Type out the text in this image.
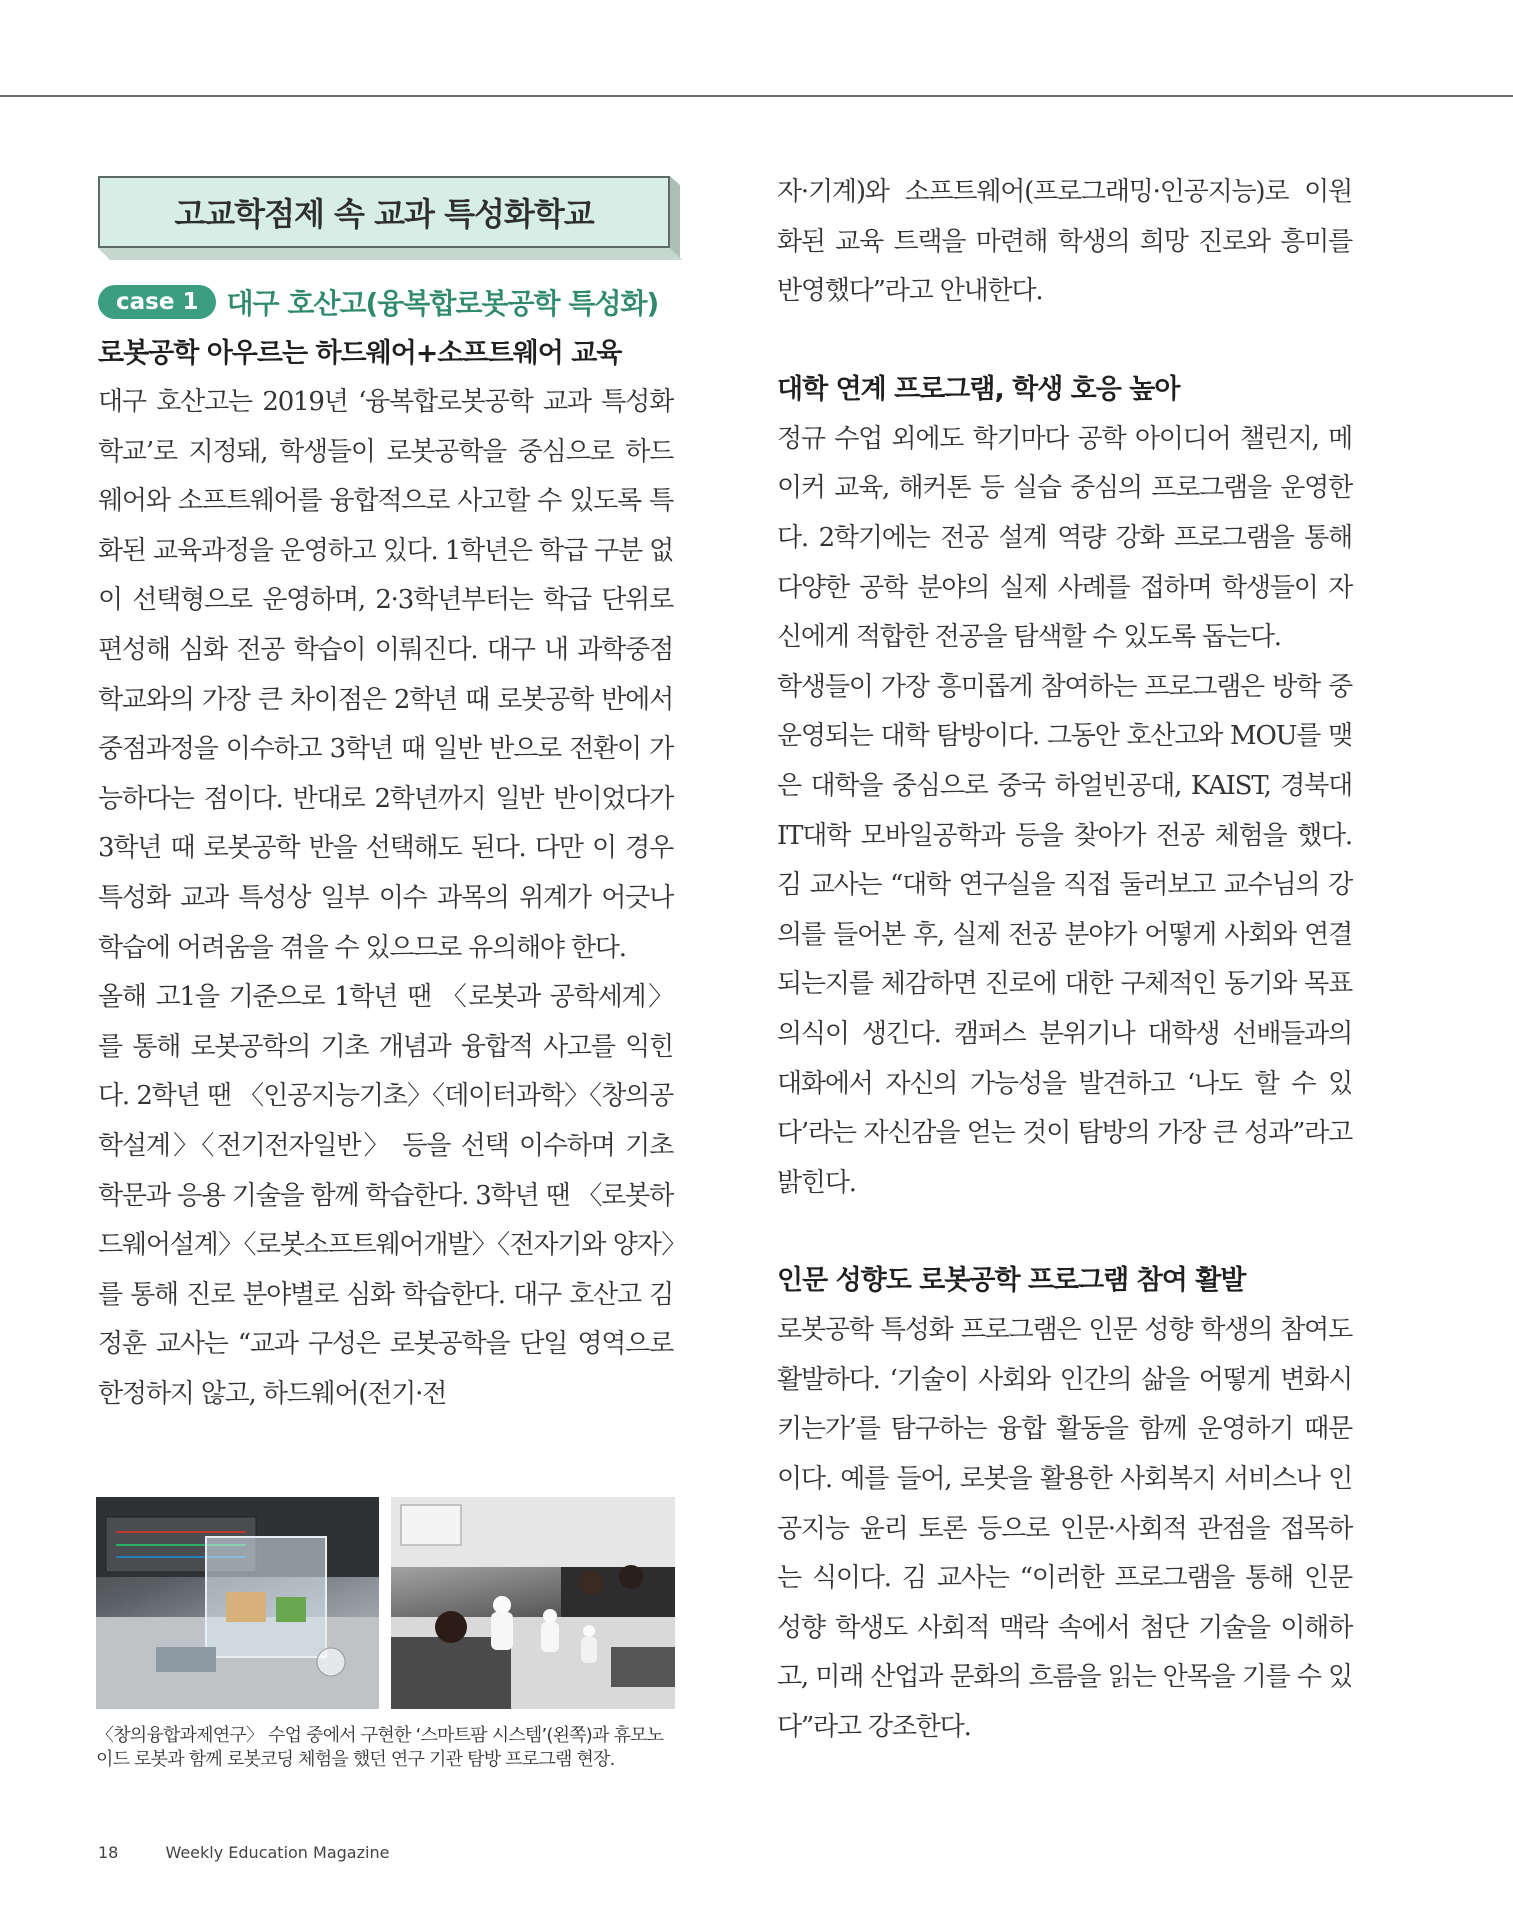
고교학점제 속 교과 특성화학교
case 1	대구 호산고(융복합로봇공학 특성화)
로봇공학 아우르는 하드웨어+소프트웨어 교육

대구 호산고는 2019년 ‘융복합로봇공학 교과 특성화 학교’로 지정돼, 학생들이 로봇공학을 중심으로 하드웨어와 소프트웨어를 융합적으로 사고할 수 있도록 특화된 교육과정을 운영하고 있다. 1학년은 학급 구분 없이 선택형으로 운영하며, 2·3학년부터는 학급 단위로 편성해 심화 전공 학습이 이뤄진다. 대구 내 과학중점학교와의 가장 큰 차이점은 2학년 때 로봇공학 반에서 중점과정을 이수하고 3학년 때 일반 반으로 전환이 가능하다는 점이다. 반대로 2학년까지 일반 반이었다가 3학년 때 로봇공학 반을 선택해도 된다. 다만 이 경우 특성화 교과 특성상 일부 이수 과목의 위계가 어긋나 학습에 어려움을 겪을 수 있으므로 유의해야 한다.

올해 고1을 기준으로 1학년 땐 〈로봇과 공학세계〉를 통해 로봇공학의 기초 개념과 융합적 사고를 익힌다. 2학년 땐 〈인공지능기초〉〈데이터과학〉〈창의공학설계〉〈전기전자일반〉 등을 선택 이수하며 기초 학문과 응용 기술을 함께 학습한다. 3학년 땐 〈로봇하드웨어설계〉〈로봇소프트웨어개발〉〈전자기와 양자〉를 통해 진로 분야별로 심화 학습한다. 대구 호산고 김정훈 교사는 “교과 구성은 로봇공학을 단일 영역으로 한정하지 않고, 하드웨어(전기·전

자·기계)와 소프트웨어(프로그래밍·인공지능)로 이원화된 교육 트랙을 마련해 학생의 희망 진로와 흥미를 반영했다”라고 안내한다.

대학 연계 프로그램, 학생 호응 높아

정규 수업 외에도 학기마다 공학 아이디어 챌린지, 메이커 교육, 해커톤 등 실습 중심의 프로그램을 운영한다. 2학기에는 전공 설계 역량 강화 프로그램을 통해 다양한 공학 분야의 실제 사례를 접하며 학생들이 자신에게 적합한 전공을 탐색할 수 있도록 돕는다.

학생들이 가장 흥미롭게 참여하는 프로그램은 방학 중 운영되는 대학 탐방이다. 그동안 호산고와 MOU를 맺은 대학을 중심으로 중국 하얼빈공대, KAIST, 경북대 IT대학 모바일공학과 등을 찾아가 전공 체험을 했다. 김 교사는 “대학 연구실을 직접 둘러보고 교수님의 강의를 들어본 후, 실제 전공 분야가 어떻게 사회와 연결되는지를 체감하면 진로에 대한 구체적인 동기와 목표 의식이 생긴다. 캠퍼스 분위기나 대학생 선배들과의 대화에서 자신의 가능성을 발견하고 ‘나도 할 수 있다’라는 자신감을 얻는 것이 탐방의 가장 큰 성과”라고 밝힌다.

인문 성향도 로봇공학 프로그램 참여 활발

로봇공학 특성화 프로그램은 인문 성향 학생의 참여도 활발하다. ‘기술이 사회와 인간의 삶을 어떻게 변화시키는가’를 탐구하는 융합 활동을 함께 운영하기 때문이다. 예를 들어, 로봇을 활용한 사회복지 서비스나 인공지능 윤리 토론 등으로 인문·사회적 관점을 접목하는 식이다. 김 교사는 “이러한 프로그램을 통해 인문 성향 학생도 사회적 맥락 속에서 첨단 기술을 이해하고, 미래 산업과 문화의 흐름을 읽는 안목을 기를 수 있다”라고 강조한다.

〈창의융합과제연구〉 수업 중에서 구현한 ‘스마트팜 시스템’(왼쪽)과 휴모노이드 로봇과 함께 로봇코딩 체험을 했던 연구 기관 탐방 프로그램 현장.
18	Weekly Education Magazine
